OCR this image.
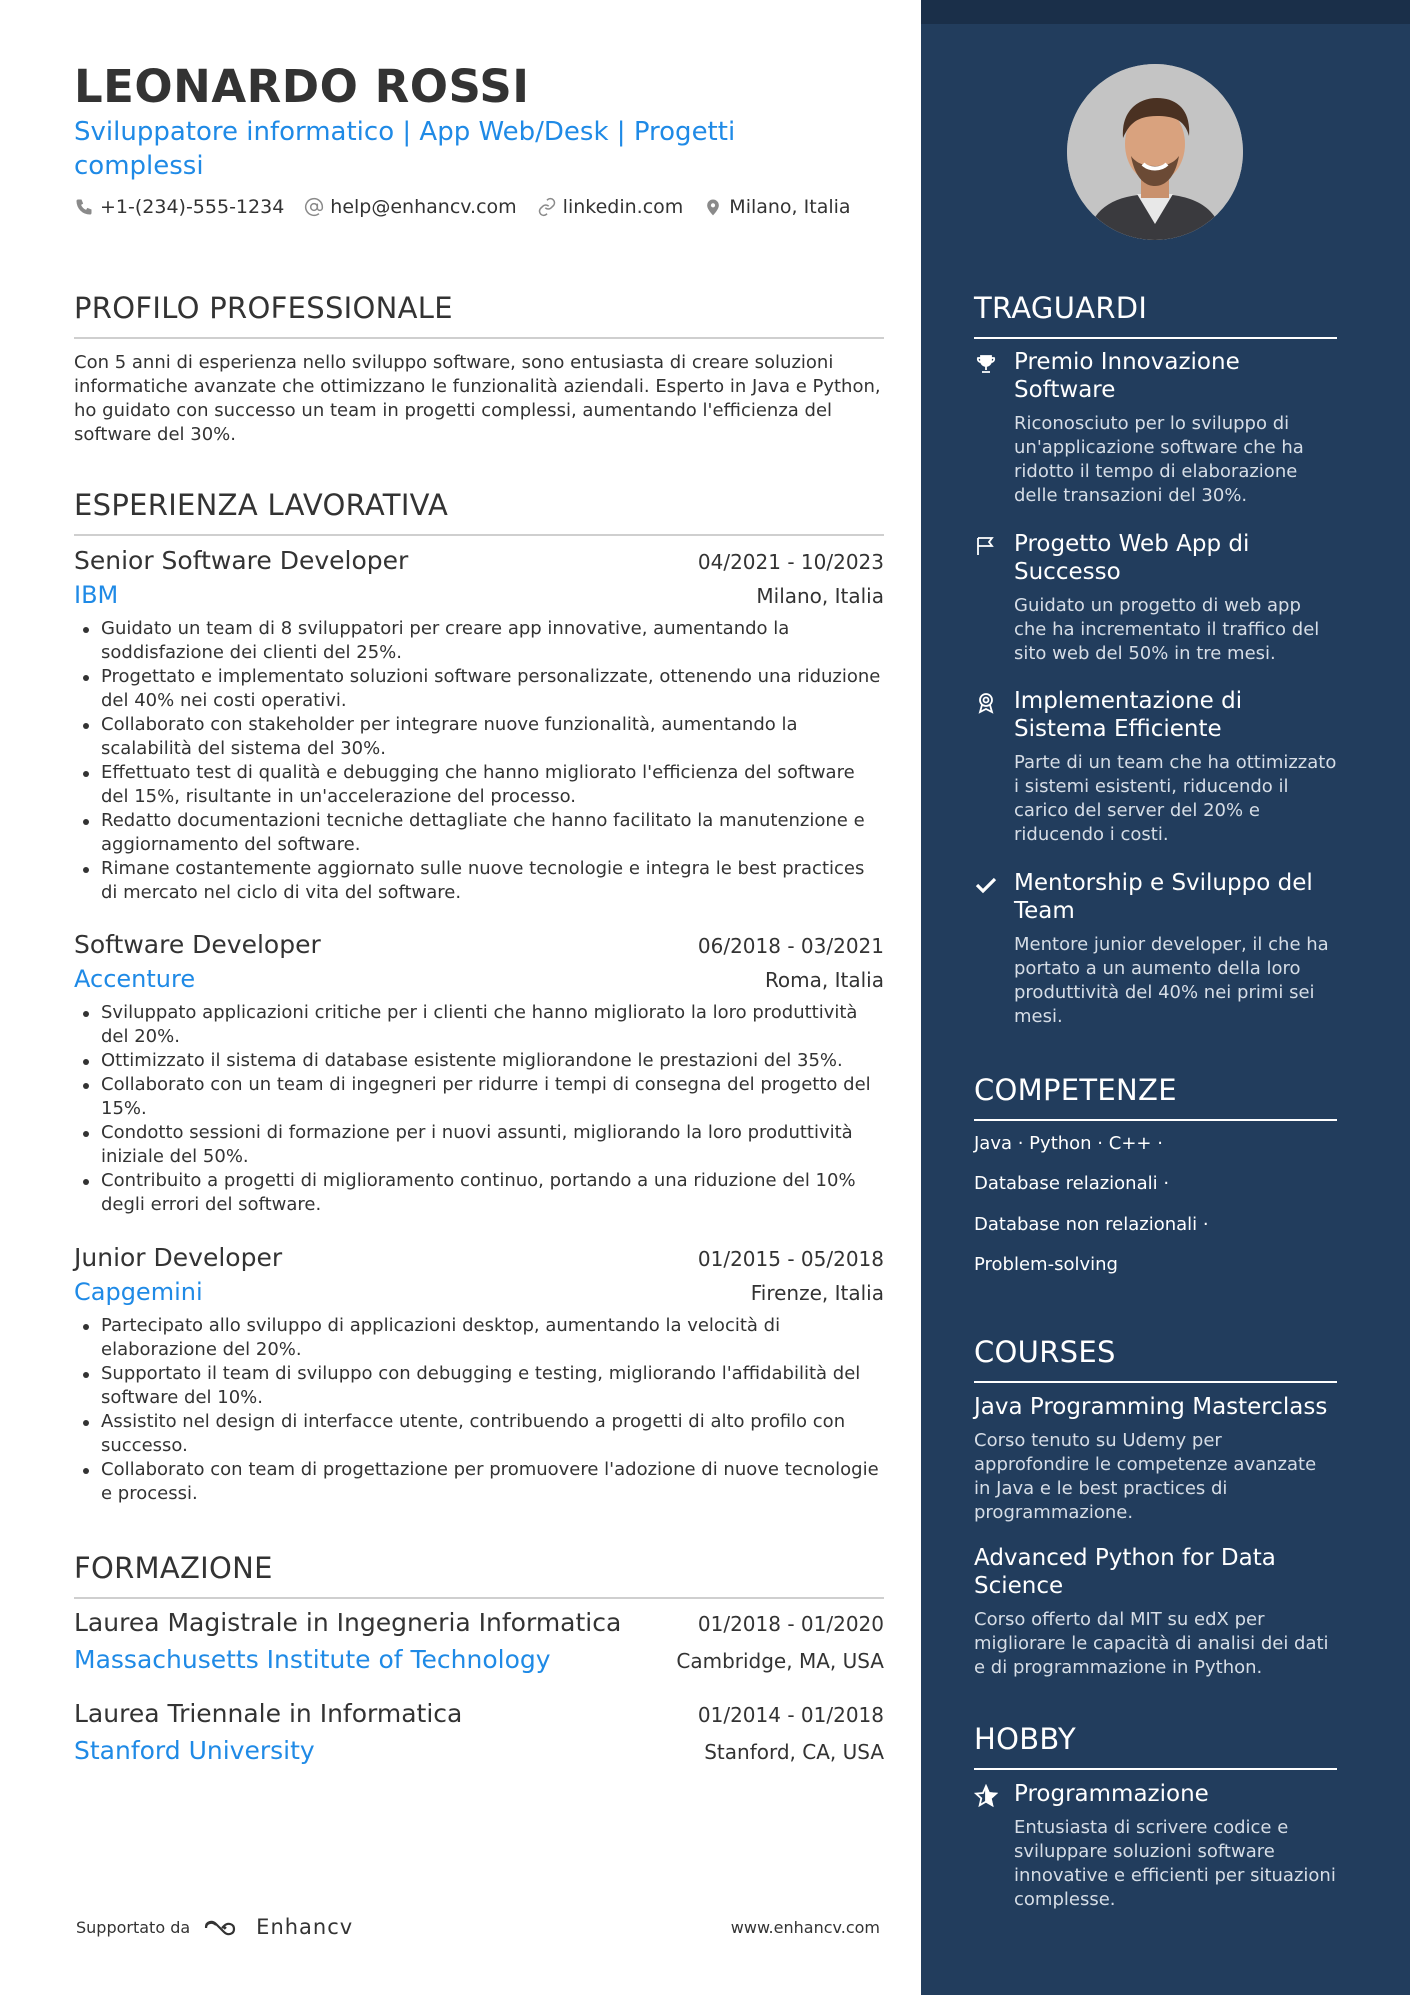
LEONARDO ROSSI
Sviluppatore informatico | App Web/Desk | Progetti complessi
+1-(234)-555-1234 help@enhancv.com linkedin.com Milano, Italia
PROFILO PROFESSIONALE
Con 5 anni di esperienza nello sviluppo software, sono entusiasta di creare soluzioni informatiche avanzate che ottimizzano le funzionalità aziendali. Esperto in Java e Python, ho guidato con successo un team in progetti complessi, aumentando l'efficienza del software del 30%.
ESPERIENZA LAVORATIVA
Senior Software Developer	04/2021 - 10/2023
IBM	Milano, Italia
Guidato un team di 8 sviluppatori per creare app innovative, aumentando la soddisfazione dei clienti del 25%.
Progettato e implementato soluzioni software personalizzate, ottenendo una riduzione del 40% nei costi operativi.
Collaborato con stakeholder per integrare nuove funzionalità, aumentando la scalabilità del sistema del 30%.
Effettuato test di qualità e debugging che hanno migliorato l'efficienza del software del 15%, risultante in un'accelerazione del processo.
Redatto documentazioni tecniche dettagliate che hanno facilitato la manutenzione e aggiornamento del software.
Rimane costantemente aggiornato sulle nuove tecnologie e integra le best practices di mercato nel ciclo di vita del software.
Software Developer	06/2018 - 03/2021
Accenture	Roma, Italia
Sviluppato applicazioni critiche per i clienti che hanno migliorato la loro produttività del 20%.
Ottimizzato il sistema di database esistente migliorandone le prestazioni del 35%.
Collaborato con un team di ingegneri per ridurre i tempi di consegna del progetto del 15%.
Condotto sessioni di formazione per i nuovi assunti, migliorando la loro produttività iniziale del 50%.
Contribuito a progetti di miglioramento continuo, portando a una riduzione del 10% degli errori del software.
Junior Developer	01/2015 - 05/2018
Capgemini	Firenze, Italia
Partecipato allo sviluppo di applicazioni desktop, aumentando la velocità di elaborazione del 20%.
Supportato il team di sviluppo con debugging e testing, migliorando l'affidabilità del software del 10%.
Assistito nel design di interfacce utente, contribuendo a progetti di alto profilo con successo.
Collaborato con team di progettazione per promuovere l'adozione di nuove tecnologie e processi.
FORMAZIONE
Laurea Magistrale in Ingegneria Informatica	01/2018 - 01/2020
Massachusetts Institute of Technology	Cambridge, MA, USA
Laurea Triennale in Informatica	01/2014 - 01/2018
Stanford University	Stanford, CA, USA
Supportato da	Enhancv	www.enhancv.com
TRAGUARDI
Premio Innovazione Software
Riconosciuto per lo sviluppo di un'applicazione software che ha ridotto il tempo di elaborazione delle transazioni del 30%.
Progetto Web App di Successo
Guidato un progetto di web app che ha incrementato il traffico del sito web del 50% in tre mesi.
Implementazione di Sistema Efficiente
Parte di un team che ha ottimizzato i sistemi esistenti, riducendo il carico del server del 20% e riducendo i costi.
Mentorship e Sviluppo del Team
Mentore junior developer, il che ha portato a un aumento della loro produttività del 40% nei primi sei mesi.
COMPETENZE
Java · Python · C++ ·
Database relazionali ·
Database non relazionali ·
Problem-solving
COURSES
Java Programming Masterclass
Corso tenuto su Udemy per approfondire le competenze avanzate in Java e le best practices di programmazione.
Advanced Python for Data Science
Corso offerto dal MIT su edX per migliorare le capacità di analisi dei dati e di programmazione in Python.
HOBBY
Programmazione
Entusiasta di scrivere codice e sviluppare soluzioni software innovative e efficienti per situazioni complesse.
